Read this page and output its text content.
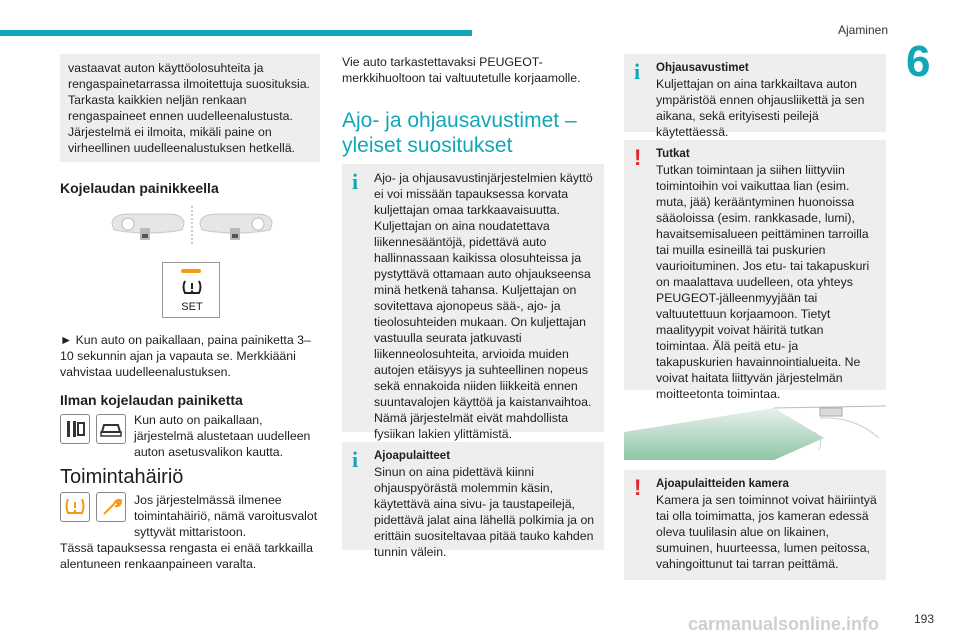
Ajaminen
6

vastaavat auton käyttöolosuhteita ja rengaspainetarrassa ilmoitettuja suosituksia. Tarkasta kaikkien neljän renkaan rengaspaineet ennen uudelleenalustusta. Järjestelmä ei ilmoita, mikäli paine on virheellinen uudelleenalustuksen hetkellä.

Kojelaudan painikkeella
SET
► Kun auto on paikallaan, paina painiketta 3–10 sekunnin ajan ja vapauta se. Merkkiääni vahvistaa uudelleenalustuksen.
Ilman kojelaudan painiketta

Kun auto on paikallaan, järjestelmä alustetaan uudelleen auton asetusvalikon kautta.

Toimintahäiriö

Jos järjestelmässä ilmenee toimintahäiriö, nämä varoitusvalot syttyvät mittaristoon.

Tässä tapauksessa rengasta ei enää tarkkailla alentuneen renkaanpaineen varalta.

Vie auto tarkastettavaksi PEUGEOT-merkkihuoltoon tai valtuutetulle korjaamolle.
Ajo- ja ohjausavustimet – yleiset suositukset
i Ajo- ja ohjausavustinjärjestelmien käyttö ei voi missään tapauksessa korvata kuljettajan omaa tarkkaavaisuutta. Kuljettajan on aina noudatettava liikennesääntöjä, pidettävä auto hallinnassaan kaikissa olosuhteissa ja pystyttävä ottamaan auto ohjaukseensa minä hetkenä tahansa. Kuljettajan on sovitettava ajonopeus sää-, ajo- ja tieolosuhteiden mukaan. On kuljettajan vastuulla seurata jatkuvasti liikenneolosuhteita, arvioida muiden autojen etäisyys ja suhteellinen nopeus sekä ennakoida niiden liikkeitä ennen suuntavalojen käyttöä ja kaistanvaihtoa. Nämä järjestelmät eivät mahdollista fysiikan lakien ylittämistä.

i Ajoapulaitteet

Sinun on aina pidettävä kiinni ohjauspyörästä molemmin käsin, käytettävä aina sivu- ja taustapeilejä, pidettävä jalat aina lähellä polkimia ja on erittäin suositeltavaa pitää tauko kahden tunnin välein.

i Ohjausavustimet

Kuljettajan on aina tarkkailtava auton ympäristöä ennen ohjausliikettä ja sen aikana, sekä erityisesti peilejä käytettäessä.

! Tutkat

Tutkan toimintaan ja siihen liittyviin toimintoihin voi vaikuttaa lian (esim. muta, jää) kerääntyminen huonoissa sääoloissa (esim. rankkasade, lumi), havaitsemisalueen peittäminen tarroilla tai muilla esineillä tai puskurien vaurioituminen. Jos etu- tai takapuskuri on maalattava uudelleen, ota yhteys PEUGEOT-jälleenmyyjään tai valtuutettuun korjaamoon. Tietyt maalityypit voivat häiritä tutkan toimintaa. Älä peitä etu- ja takapuskurien havainnointialueita. Ne voivat haitata liittyvän järjestelmän moitteetonta toimintaa.

! Ajoapulaitteiden kamera

Kamera ja sen toiminnot voivat häiriintyä tai olla toimimatta, jos kameran edessä oleva tuulilasin alue on likainen, sumuinen, huurteessa, lumen peitossa, vahingoittunut tai tarran peittämä.

carmanualsonline.info	193
